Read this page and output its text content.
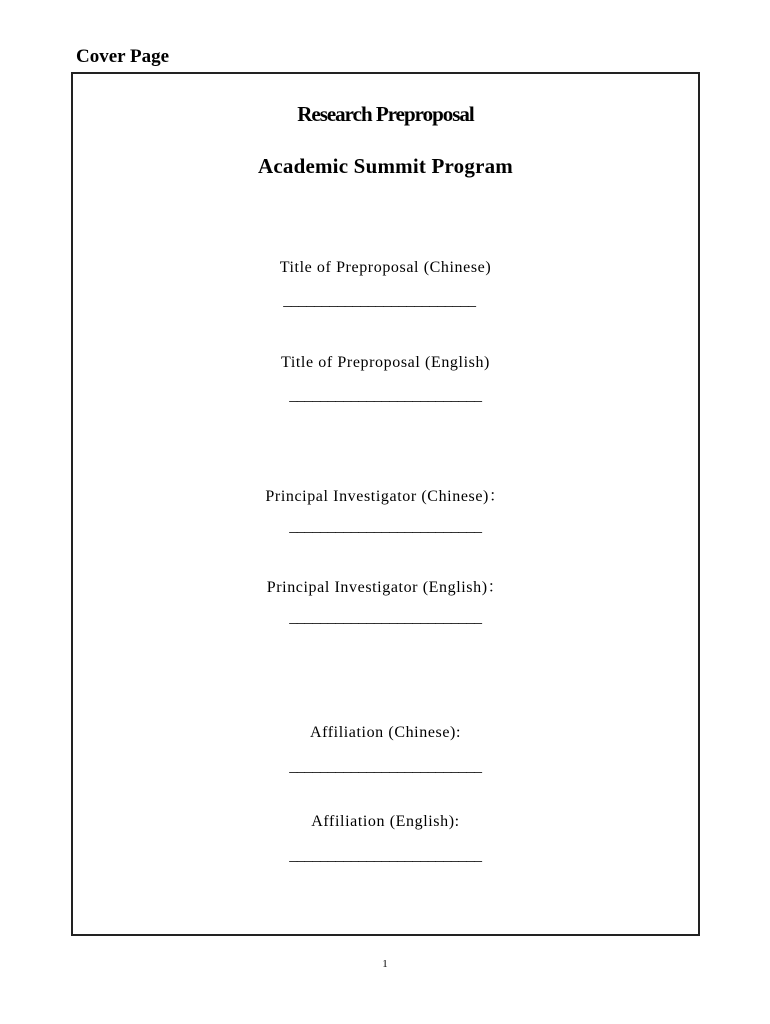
Cover Page
Research Preproposal
Academic Summit Program
Title of Preproposal (Chinese)
_________________________
Title of Preproposal (English)
_________________________
Principal Investigator (Chinese)：
_________________________
Principal Investigator (English)：
_________________________
Affiliation (Chinese):
_________________________
Affiliation (English):
_________________________
1
